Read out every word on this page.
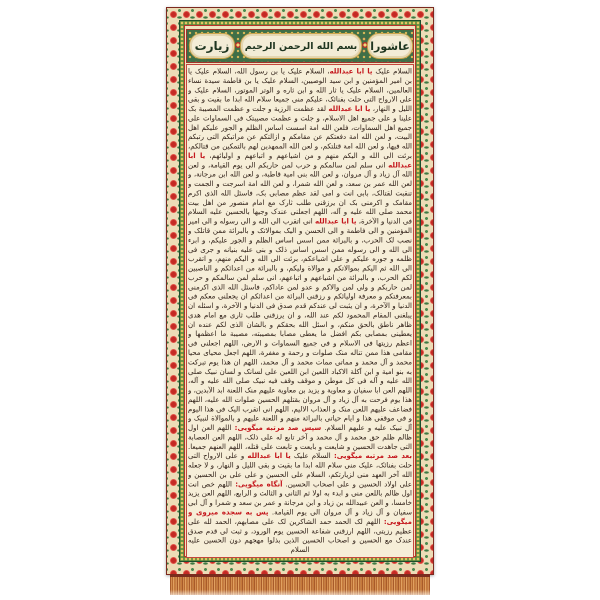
زیارت بسم الله الرحمن الرحیم عاشورا
السلام علیک یا ابا عبدالله، السلام علیک یا بن رسول الله، السلام علیک یا بن امیر المؤمنین و ابن سید الوصیین، السلام علیک یا بن فاطمة سیدة نساء العالمین، السلام علیک یا ثار الله و ابن ثاره و الوتر الموتور، السلام علیک و علی الارواح التی حلت بفنائک، علیکم منی جمیعا سلام الله ابدا ما بقیت و بقی اللیل و النهار، یا ابا عبدالله لقد عظمت الرزیة و جلت و عظمت المصیبة بک علینا و علی جمیع اهل الاسلام، و جلت و عظمت مصیبتک فی السماوات علی جمیع اهل السماوات، فلعن الله امة اسست اساس الظلم و الجور علیکم اهل البیت، و لعن الله امة دفعتکم عن مقامکم و ازالتکم عن مراتبکم التی رتبکم الله فیها، و لعن الله امة قتلتکم، و لعن الله الممهدین لهم بالتمکین من قتالکم، برئت الی الله و الیکم منهم و من اشیاعهم و اتباعهم و اولیائهم، یا ابا عبدالله انی سلم لمن سالمکم و حرب لمن حاربکم الی یوم القیامة، و لعن الله آل زیاد و آل مروان، و لعن الله بنی امیة قاطبة، و لعن الله ابن مرجانة، و لعن الله عمر بن سعد، و لعن الله شمرا، و لعن الله امة اسرجت و الجمت و تنقبت لقتالک، بابی انت و امی لقد عظم مصابی بک، فاسئل الله الذی اکرم مقامک و اکرمنی بک ان یرزقنی طلب ثارک مع امام منصور من اهل بیت محمد صلی الله علیه و آله، اللهم اجعلنی عندک وجیها بالحسین علیه السلام فی الدنیا و الآخرة، یا ابا عبدالله انی اتقرب الی الله و الی رسوله و الی امیر المؤمنین و الی فاطمة و الی الحسن و الیک بموالاتک و بالبرائة ممن قاتلک و نصب لک الحرب، و بالبرائة ممن اسس اساس الظلم و الجور علیکم، و ابرء الی الله و الی رسوله ممن اسس اساس ذلک و بنی علیه بنیانه و جری فی ظلمه و جوره علیکم و علی اشیاعکم، برئت الی الله و الیکم منهم، و اتقرب الی الله ثم الیکم بموالاتکم و موالاة ولیکم، و بالبرائة من اعدائکم و الناصبین لکم الحرب، و بالبرائة من اشیاعهم و اتباعهم، انی سلم لمن سالمکم و حرب لمن حاربکم و ولی لمن والاکم و عدو لمن عاداکم، فاسئل الله الذی اکرمنی بمعرفتکم و معرفة اولیائکم و رزقنی البرائة من اعدائکم ان یجعلنی معکم فی الدنیا و الآخرة، و ان یثبت لی عندکم قدم صدق فی الدنیا و الآخرة، و اسئله ان یبلغنی المقام المحمود لکم عند الله، و ان یرزقنی طلب ثاری مع امام هدی ظاهر ناطق بالحق منکم، و اسئل الله بحقکم و بالشان الذی لکم عنده ان یعطینی بمصابی بکم افضل ما یعطی مصابا بمصیبته، مصیبة ما اعظمها و اعظم رزیتها فی الاسلام و فی جمیع السماوات و الارض، اللهم اجعلنی فی مقامی هذا ممن تناله منک صلوات و رحمة و مغفرة، اللهم اجعل محیای محیا محمد و آل محمد و مماتی ممات محمد و آل محمد، اللهم ان هذا یوم تبرکت به بنو امیة و ابن آکلة الاکباد اللعین ابن اللعین علی لسانک و لسان نبیک صلی الله علیه و آله فی کل موطن و موقف وقف فیه نبیک صلی الله علیه و آله، اللهم العن ابا سفیان و معاویة و یزید بن معاویة علیهم منک اللعنة ابد الآبدین، و هذا یوم فرحت به آل زیاد و آل مروان بقتلهم الحسین صلوات الله علیه، اللهم فضاعف علیهم اللعن منک و العذاب الالیم، اللهم انی اتقرب الیک فی هذا الیوم و فی موقفی هذا و ایام حیاتی بالبرائة منهم و اللعنة علیهم و بالموالاة لنبیک و آل نبیک علیه و علیهم السلام. سپس صد مرتبه میگویی: اللهم العن اول ظالم ظلم حق محمد و آل محمد و آخر تابع له علی ذلک، اللهم العن العصابة التی جاهدت الحسین و شایعت و بایعت و تابعت علی قتله، اللهم العنهم جمیعا. بعد صد مرتبه میگویی: السلام علیک یا ابا عبدالله و علی الارواح التی حلت بفنائک، علیک منی سلام الله ابدا ما بقیت و بقی اللیل و النهار، و لا جعله الله آخر العهد منی لزیارتکم، السلام علی الحسین و علی علی بن الحسین و علی اولاد الحسین و علی اصحاب الحسین. آنگاه میگویی: اللهم خص انت اول ظالم باللعن منی و ابدء به اولا ثم الثانی و الثالث و الرابع، اللهم العن یزید خامسا، و العن عبیدالله بن زیاد و ابن مرجانة و عمر بن سعد و شمرا و آل ابی سفیان و آل زیاد و آل مروان الی یوم القیامة. پس به سجده میروی و میگویی: اللهم لک الحمد حمد الشاکرین لک علی مصابهم، الحمد لله علی عظیم رزیتی، اللهم ارزقنی شفاعة الحسین یوم الورود، و ثبت لی قدم صدق عندک مع الحسین و اصحاب الحسین الذین بذلوا مهجهم دون الحسین علیه السلام
